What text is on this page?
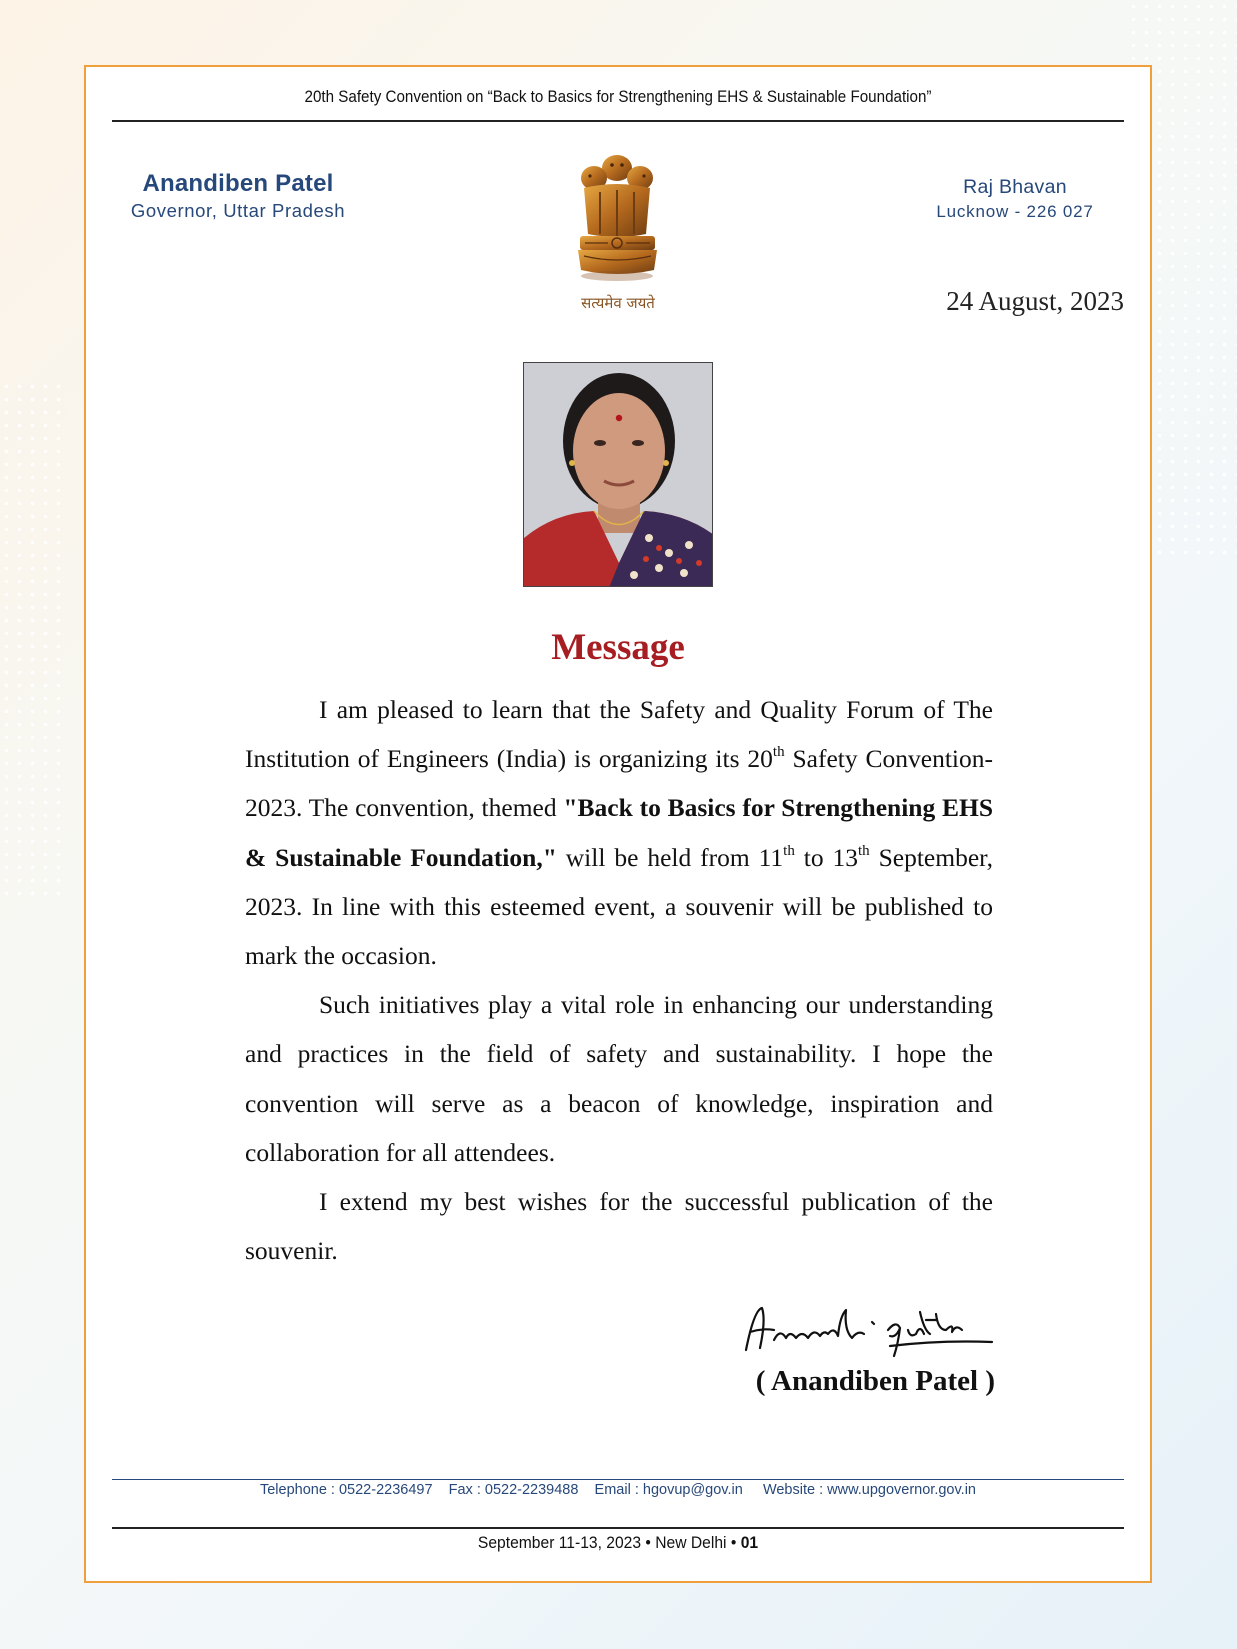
20th Safety Convention on “Back to Basics for Strengthening EHS & Sustainable Foundation”
Anandiben Patel
Governor, Uttar Pradesh
सत्यमेव जयते
Raj Bhavan
Lucknow - 226 027
24 August, 2023
Message

I am pleased to learn that the Safety and Quality Forum of The Institution of Engineers (India) is organizing its 20th Safety Convention-2023. The convention, themed "Back to Basics for Strengthening EHS & Sustainable Foundation," will be held from 11th to 13th September, 2023. In line with this esteemed event, a souvenir will be published to mark the occasion.

Such initiatives play a vital role in enhancing our understanding and practices in the field of safety and sustainability. I hope the convention will serve as a beacon of knowledge, inspiration and collaboration for all attendees.

I extend my best wishes for the successful publication of the souvenir.

( Anandiben Patel )
Telephone : 0522-2236497    Fax : 0522-2239488    Email : hgovup@gov.in     Website : www.upgovernor.gov.in
September 11-13, 2023 • New Delhi • 01
